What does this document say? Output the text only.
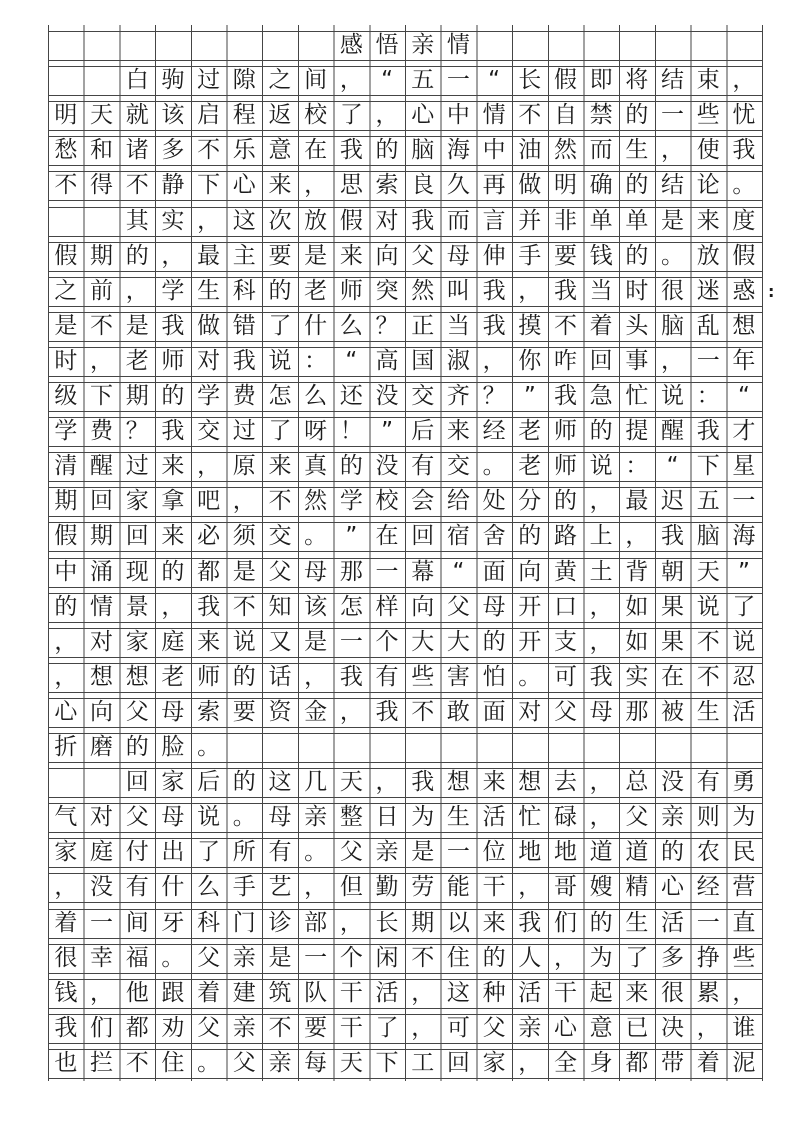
感 悟 亲 情
白 驹 过 隙 之 间 ， “ 五 一 “ 长 假 即 将 结 束 ，
明 天 就 该 启 程 返 校 了 ， 心 中 情 不 自 禁 的 一 些 忧
愁 和 诸 多 不 乐 意 在 我 的 脑 海 中 油 然 而 生 ， 使 我
不 得 不 静 下 心 来 ， 思 索 良 久 再 做 明 确 的 结 论 。
其 实 ， 这 次 放 假 对 我 而 言 并 非 单 单 是 来 度
假 期 的 ， 最 主 要 是 来 向 父 母 伸 手 要 钱 的 。 放 假
之 前 ， 学 生 科 的 老 师 突 然 叫 我 ， 我 当 时 很 迷 惑
是 不 是 我 做 错 了 什 么 ？ 正 当 我 摸 不 着 头 脑 乱 想
时 ， 老 师 对 我 说 ： “ 高 国 淑 ， 你 咋 回 事 ， 一 年
级 下 期 的 学 费 怎 么 还 没 交 齐 ？ ” 我 急 忙 说 ： “
学 费 ？ 我 交 过 了 呀 ！ ” 后 来 经 老 师 的 提 醒 我 才
清 醒 过 来 ， 原 来 真 的 没 有 交 。 老 师 说 ： “ 下 星
期 回 家 拿 吧 ， 不 然 学 校 会 给 处 分 的 ， 最 迟 五 一
假 期 回 来 必 须 交 。 ” 在 回 宿 舍 的 路 上 ， 我 脑 海
中 涌 现 的 都 是 父 母 那 一 幕 “ 面 向 黄 土 背 朝 天 ”
的 情 景 ， 我 不 知 该 怎 样 向 父 母 开 口 ， 如 果 说 了
， 对 家 庭 来 说 又 是 一 个 大 大 的 开 支 ， 如 果 不 说
， 想 想 老 师 的 话 ， 我 有 些 害 怕 。 可 我 实 在 不 忍
心 向 父 母 索 要 资 金 ， 我 不 敢 面 对 父 母 那 被 生 活
折 磨 的 脸 。
回 家 后 的 这 几 天 ， 我 想 来 想 去 ， 总 没 有 勇
气 对 父 母 说 。 母 亲 整 日 为 生 活 忙 碌 ， 父 亲 则 为
家 庭 付 出 了 所 有 。 父 亲 是 一 位 地 地 道 道 的 农 民
， 没 有 什 么 手 艺 ， 但 勤 劳 能 干 ， 哥 嫂 精 心 经 营
着 一 间 牙 科 门 诊 部 ， 长 期 以 来 我 们 的 生 活 一 直
很 幸 福 。 父 亲 是 一 个 闲 不 住 的 人 ， 为 了 多 挣 些
钱 ， 他 跟 着 建 筑 队 干 活 ， 这 种 活 干 起 来 很 累 ，
我 们 都 劝 父 亲 不 要 干 了 ， 可 父 亲 心 意 已 决 ， 谁
也 拦 不 住 。 父 亲 每 天 下 工 回 家 ， 全 身 都 带 着 泥
:
